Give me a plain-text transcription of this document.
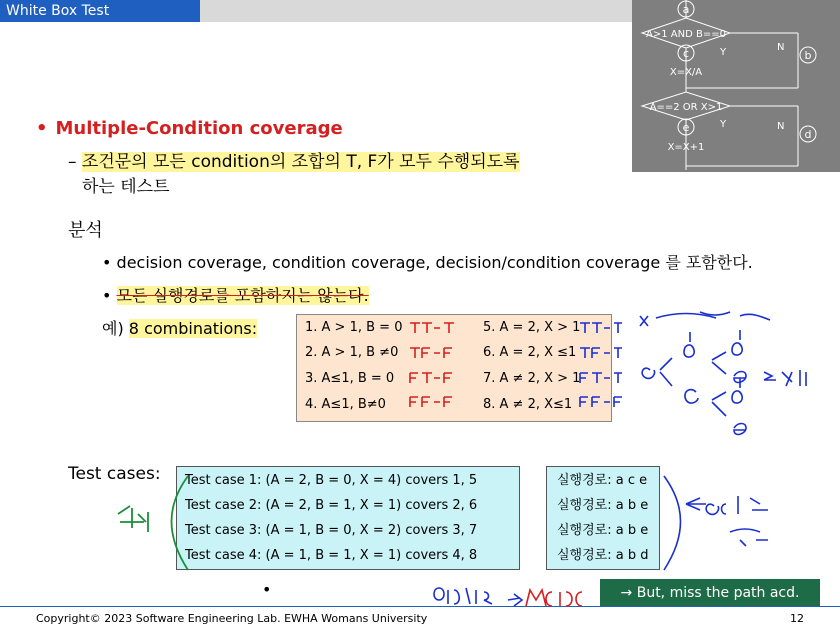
White Box Test	a
A>1 AND B==0
N
b
c	Y
X=X/A
A==2 OR X>1
N
d
e	Y
X=X+1
• Multiple-Condition coverage
– 조건문의 모든 condition의 조합의 T, F가 모두 수행되도록
하는 테스트
분석
• decision coverage, condition coverage, decision/condition coverage 를 포함한다.
• 모든 실행경로를 포함하지는 않는다.
예) 8 combinations:	1. A > 1, B = 0	5. A = 2, X > 1
2. A > 1, B ≠0	6. A = 2, X ≤1
3. A≤1, B = 0	7. A ≠ 2, X > 1
4. A≤1, B≠0	8. A ≠ 2, X≤1
Test cases: Test case 1: (A = 2, B = 0, X = 4) covers 1, 5
Test case 2: (A = 2, B = 1, X = 1) covers 2, 6
Test case 3: (A = 1, B = 0, X = 2) covers 3, 7
Test case 4: (A = 1, B = 1, X = 1) covers 4, 8
실행경로: a c e
실행경로: a b e
실행경로: a b e
실행경로: a b d
•	→ But, miss the path acd.
Copyright© 2023 Software Engineering Lab. EWHA Womans University	12
